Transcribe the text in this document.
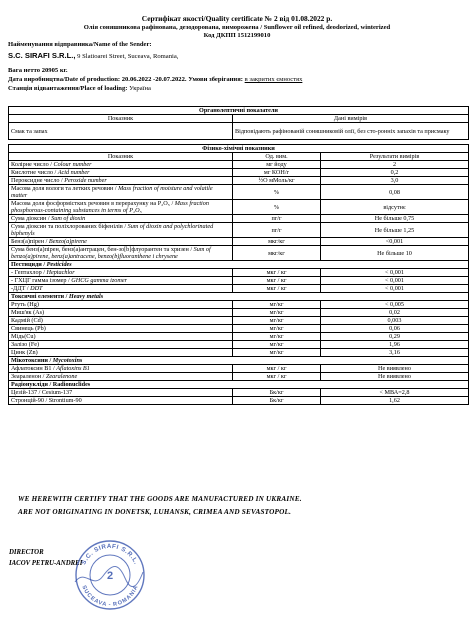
Сертифікат якості/Quality certificate № 2 від 01.08.2022 р.
Олія соняшникова рафінована, дезодорована, виморожена / Sunflower oil refined, deodorized, winterized
Код ДКПП 1512199010
Найменування відправника/Name of the Sender:
S.C. SIRAFI S.R.L., 9 Slatioarei Street, Suceava, Romania,
Вага нетто 20905 кг.
Дата виробництва/Date of production: 20.06.2022 -20.07.2022. Умови зберігання: в закритих ємностях
Станція відвантаження/Place of loading: Україна
Органолептичні показатели	
Показник	Дані вимірів
Смак та запах	Відповідають рафінованій соняшниковій олії, без сто-ронніх запахів та присмаку
Фізико-хімічні показники		
Показник	Од. вим.	Результати вимірів
Колірне число / Colour number	мг йоду	2
Кислотне число / Acid number	мг КОН/г	0,2
Пероксидне число / Peroxide number	½О мМоль/кг	3,0
Масова доля вологи та летких речовин / Mass fraction of moisture and volatile matter	%	0,08
Масова доля фосформістких речовин в перерахунку на P₂O₅ / Mass fraction phosphorous-containing substances in terms of P₂O₅	%	відсутнє
Сума діоксин / Sum of dioxin	пг/г	Не більше 0,75
Сума діоксин та поліхлорованих біфенілів / Sum of dioxin and polychlorinated biphenyls	пг/г	Не більше 1,25
Бенз(а)пірен / Benzo(a)pirene	мкг/кг	<0,001
Сума бенз(а)пірен, бенз(а)антрацен, бен-зо[b]флуорантен та хризен / Sum of benzo(a)pirene, benz(a)antracene, benzo(b)fluoranthene i chrysene	мкг/кг	Не більше 10
Пестициди / Pesticides		
- Гептахлор / Heptachlor	мкг / кг	< 0,001
- ГХЦГ гамма ізомер / GHCG gamma izomer	мкг / кг	< 0,001
-ДДТ / DDT	мкг / кг	< 0,001
Токсичні елементи / Heavy metals		
Ртуть (Hg)	мг/кг	< 0,005
Миш'як (As)	мг/кг	0,02
Кадмій (Cd)	мг/кг	0,003
Свинець (Pb)	мг/кг	0,06
Мідь(Cu)	мг/кг	0,29
Залізо (Fe)	мг/кг	1,96
Цинк (Zn)	мг/кг	3,16
Мікотоксини / Mycotoxins		
Афлатоксин В1 / Aflatoxins B1	мкг / кг	Не виявлено
Зеараленон / Zearalenone	мкг / кг	Не виявлено
Радіонукліди / Radionuclides		
Цезій-137 / Cesium-137	Бк/кг	< МВА=2,8
Стронцій-90 / Strontium-90	Бк/кг	1,62
WE HEREWITH CERTIFY THAT THE GOODS ARE MANUFACTURED IN UKRAINE.
ARE NOT ORIGINATING IN DONETSK, LUHANSK, CRIMEA AND SEVASTOPOL.
DIRECTOR
IACOV PETRU-ANDREI
S.C. SIRAFI S.R.L.
SUCEAVA - ROMANIA
2
